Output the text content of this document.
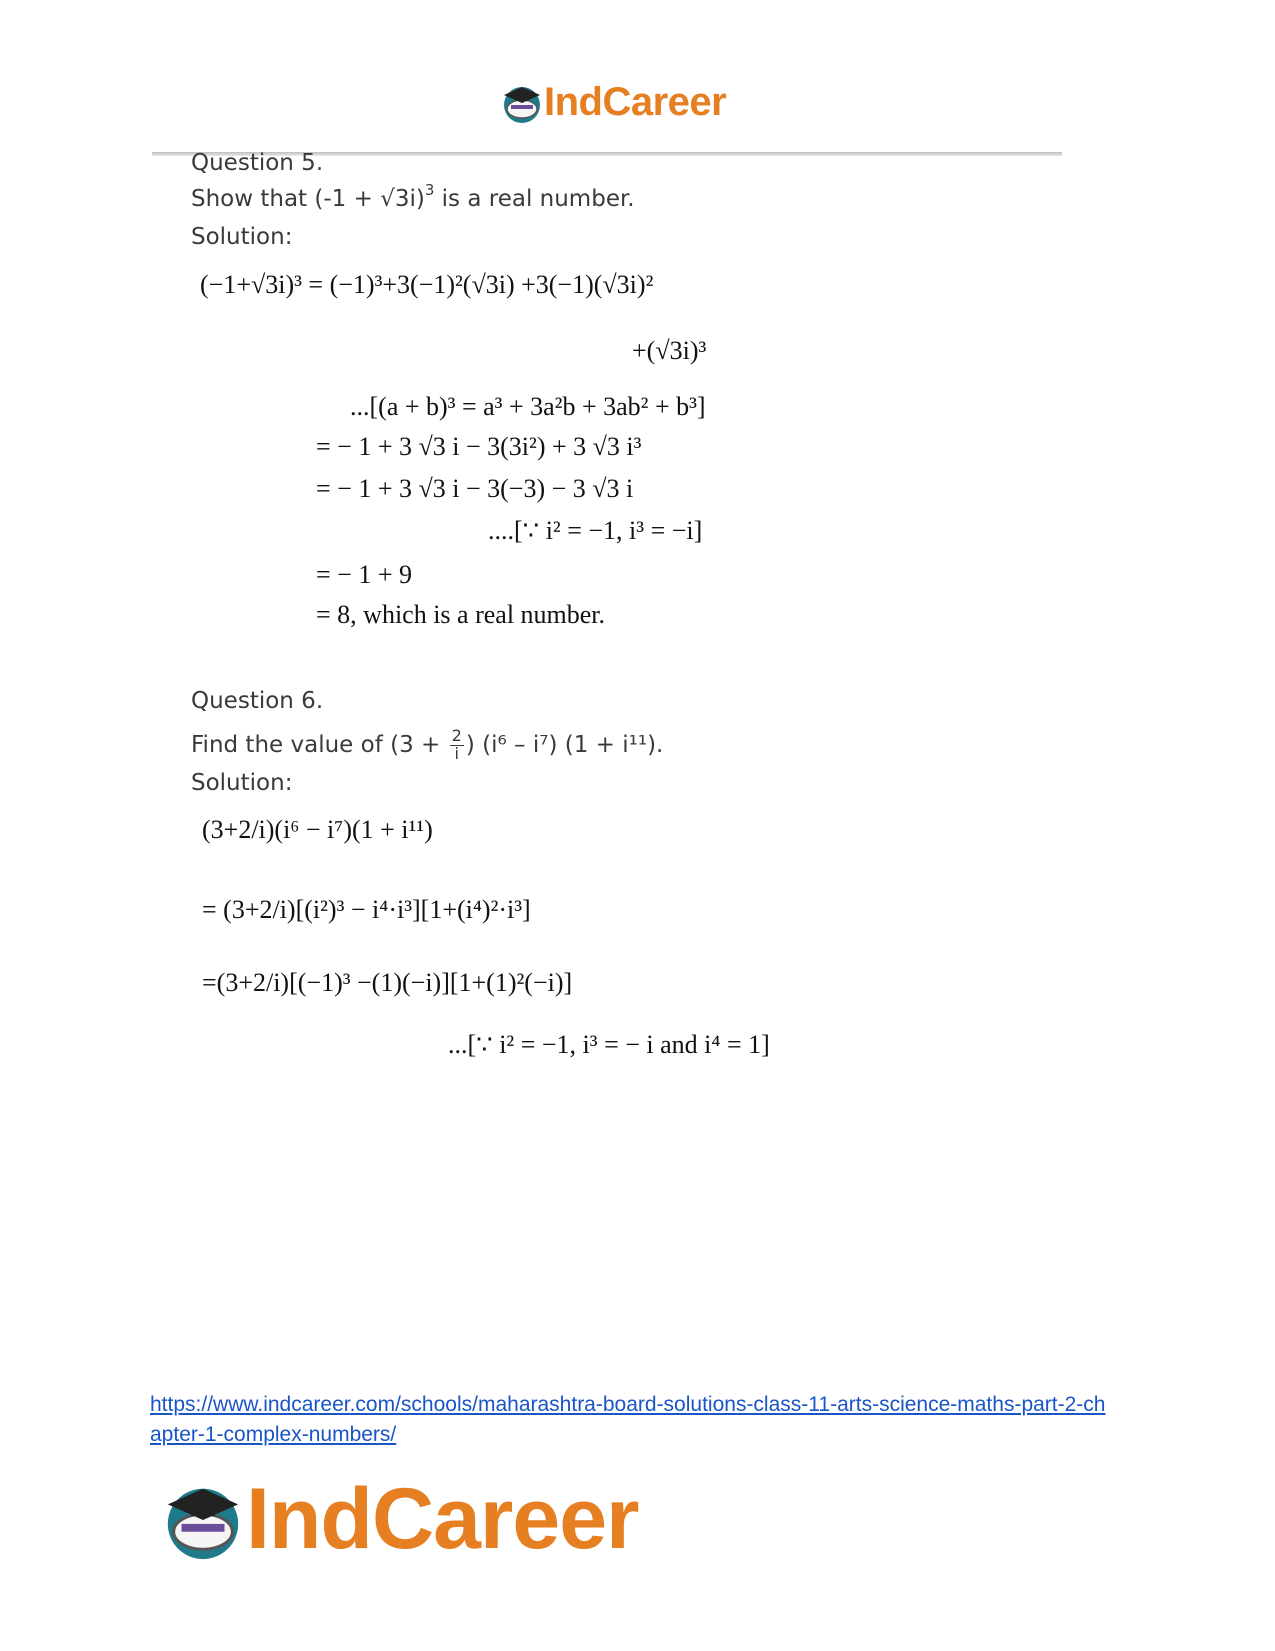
IndCareer
Question 5.
Show that $(-1 + √3i)^3$ is a real number.
Solution:
(−1+√3i)³ = (−1)³+3(−1)²(√3i) +3(−1)(√3i)²
+(√3i)³
...[(a + b)³ = a³ + 3a²b + 3ab² + b³]
= − 1 + 3 √3 i − 3(3i²) + 3 √3 i³
= − 1 + 3 √3 i − 3(−3) − 3 √3 i
....[∵ i² = −1, i³ = −i]
= − 1 + 9
= 8, which is a real number.
Question 6.
Find the value of ($3 + \frac{2}{i}$ ) (i⁶ – i⁷) (1 + i¹¹).
Solution:
(3+2/i)(i⁶ − i⁷)(1 + i¹¹)
= (3+2/i)[(i²)³ − i⁴·i³][1+(i⁴)²·i³]
=(3+2/i)[(−1)³ −(1)(−i)][1+(1)²(−i)]
...[∵ i² = −1, i³ = − i and i⁴ = 1]
https://www.indcareer.com/schools/maharashtra-board-solutions-class-11-arts-science-maths-part-2-chapter-1-complex-numbers/
IndCareer
